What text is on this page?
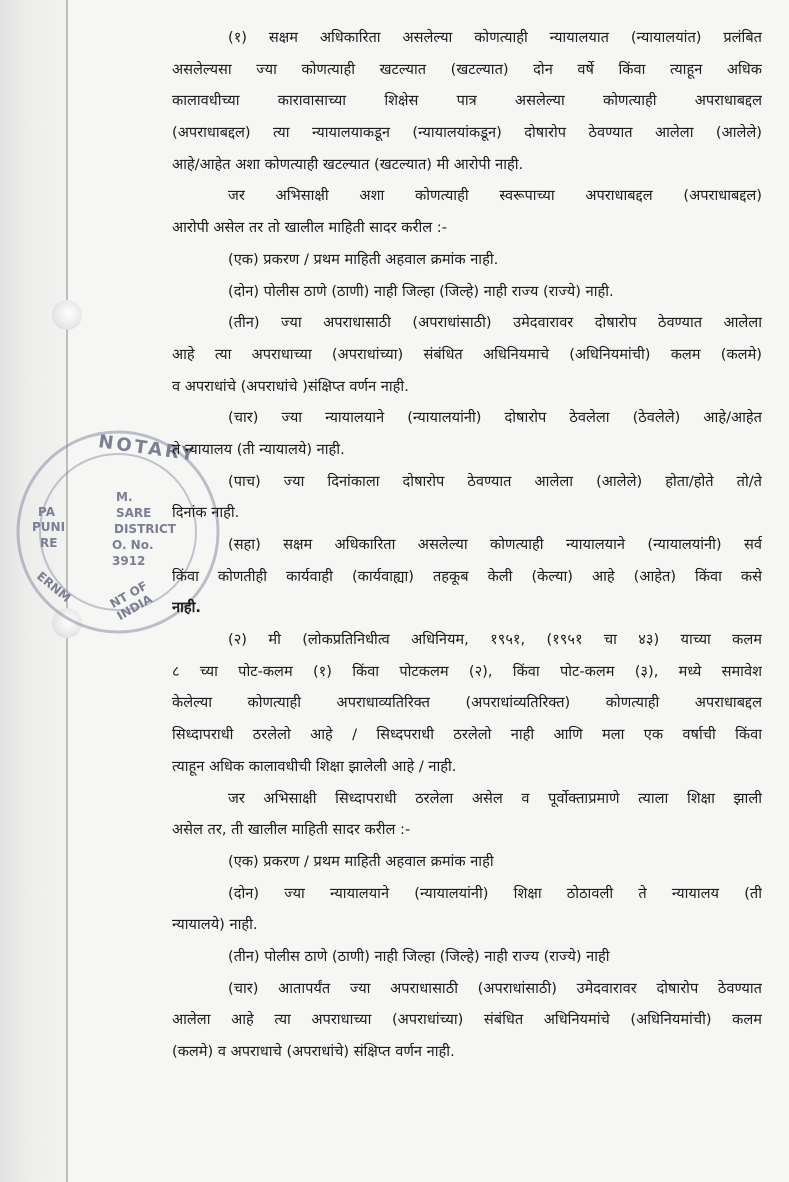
PA
PUNI
RE
M.
SARE
DISTRICT
O. No.
3912
ERNM	NT OF INDIA
NOTARY
(१) सक्षम अधिकारिता असलेल्या कोणत्याही न्यायालयात (न्यायालयांत) प्रलंबित
असलेल्यसा ज्या कोणत्याही खटल्यात (खटल्यात) दोन वर्षे किंवा त्याहून अधिक
कालावधीच्या कारावासाच्या शिक्षेस पात्र असलेल्या कोणत्याही अपराधाबद्दल
(अपराधाबद्दल) त्या न्यायालयाकडून (न्यायालयांकडून) दोषारोप ठेवण्यात आलेला (आलेले)
आहे/आहेत अशा कोणत्याही खटल्यात (खटल्यात) मी आरोपी नाही.
जर अभिसाक्षी अशा कोणत्याही स्वरूपाच्या अपराधाबद्दल (अपराधाबद्दल)
आरोपी असेल तर तो खालील माहिती सादर करील :-
(एक) प्रकरण / प्रथम माहिती अहवाल क्रमांक नाही.
(दोन) पोलीस ठाणे (ठाणी) नाही जिल्हा (जिल्हे) नाही राज्य (राज्ये) नाही.
(तीन) ज्या अपराधासाठी (अपराधांसाठी) उमेदवारावर दोषारोप ठेवण्यात आलेला
आहे त्या अपराधाच्या (अपराधांच्या) संबंधित अधिनियमाचे (अधिनियमांची) कलम (कलमे)
व अपराधांचे (अपराधांचे )संक्षिप्त वर्णन नाही.
(चार) ज्या न्यायालयाने (न्यायालयांनी) दोषारोप ठेवलेला (ठेवलेले) आहे/आहेत
ते न्यायालय (ती न्यायालये) नाही.
(पाच) ज्या दिनांकाला दोषारोप ठेवण्यात आलेला (आलेले) होता/होते तो/ते
दिनांक नाही.
(सहा) सक्षम अधिकारिता असलेल्या कोणत्याही न्यायालयाने (न्यायालयांनी) सर्व
किंवा कोणतीही कार्यवाही (कार्यवाह्या) तहकूब केली (केल्या) आहे (आहेत) किंवा कसे
नाही.
(२) मी (लोकप्रतिनिधीत्व अधिनियम, १९५१, (१९५१ चा ४३) याच्या कलम
८ च्या पोट-कलम (१) किंवा पोटकलम (२), किंवा पोट-कलम (३), मध्ये समावेश
केलेल्या कोणत्याही अपराधाव्यतिरिक्त (अपराधांव्यतिरिक्त) कोणत्याही अपराधाबद्दल
सिध्दापराधी ठरलेलो आहे / सिध्दपराधी ठरलेलो नाही आणि मला एक वर्षाची किंवा
त्याहून अधिक कालावधीची शिक्षा झालेली आहे / नाही.
जर अभिसाक्षी सिध्दापराधी ठरलेला असेल व पूर्वोक्ताप्रमाणे त्याला शिक्षा झाली
असेल तर, ती खालील माहिती सादर करील :-
(एक) प्रकरण / प्रथम माहिती अहवाल क्रमांक नाही
(दोन) ज्या न्यायालयाने (न्यायालयांनी) शिक्षा ठोठावली ते न्यायालय (ती
न्यायालये) नाही.
(तीन) पोलीस ठाणे (ठाणी) नाही जिल्हा (जिल्हे) नाही राज्य (राज्ये) नाही
(चार) आतापर्यंत ज्या अपराधासाठी (अपराधांसाठी) उमेदवारावर दोषारोप ठेवण्यात
आलेला आहे त्या अपराधाच्या (अपराधांच्या) संबंधित अधिनियमांचे (अधिनियमांची) कलम
(कलमे) व अपराधाचे (अपराधांचे) संक्षिप्त वर्णन नाही.
